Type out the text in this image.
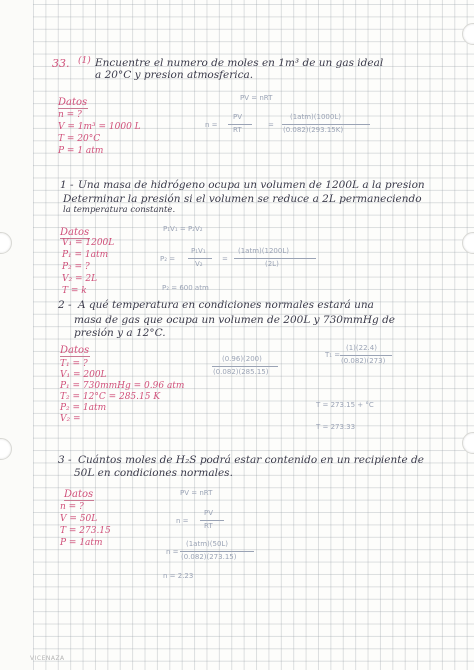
33. (1) Encuentre el numero de moles en 1m³ de un gas ideal
a 20°C y presion atmosferica.
Datos
n = ?
V = 1m³ = 1000 L
T = 20°C
P = 1 atm
PV = nRT
n =
PV
RT
=
(1atm)(1000L)
(0.082)(293.15K)
1 - Una masa de hidrógeno ocupa un volumen de 1200L a la presion
Determinar la presión si el volumen se reduce a 2L permaneciendo
la temperatura constante.
Datos
V₁ = 1200L
P₁ = 1atm
P₂ = ?
V₂ = 2L
T = k
P₁V₁ = P₂V₂
P₂ =
P₁V₁
V₂
=
(1atm)(1200L)
(2L)
P₂ = 600 atm
2 - A qué temperatura en condiciones normales estará una
masa de gas que ocupa un volumen de 200L y 730mmHg de
presión y a 12°C.
Datos
T₁ = ?
V₁ = 200L
P₁ = 730mmHg = 0.96 atm
T₂ = 12°C = 285.15 K
P₂ = 1atm
V₂ =
(0.96)(200)
(0.082)(285.15)
T₁ =
(1)(22.4)
(0.082)(273)
T = 273.15 + °C
T = 273.33
3 - Cuántos moles de H₂S podrá estar contenido en un recipiente de
50L en condiciones normales.
Datos
n = ?
V = 50L
T = 273.15
P = 1atm
PV = nRT
n =
PV
RT
n =
(1atm)(50L)
(0.082)(273.15)
n = 2.23
VICENAZA
